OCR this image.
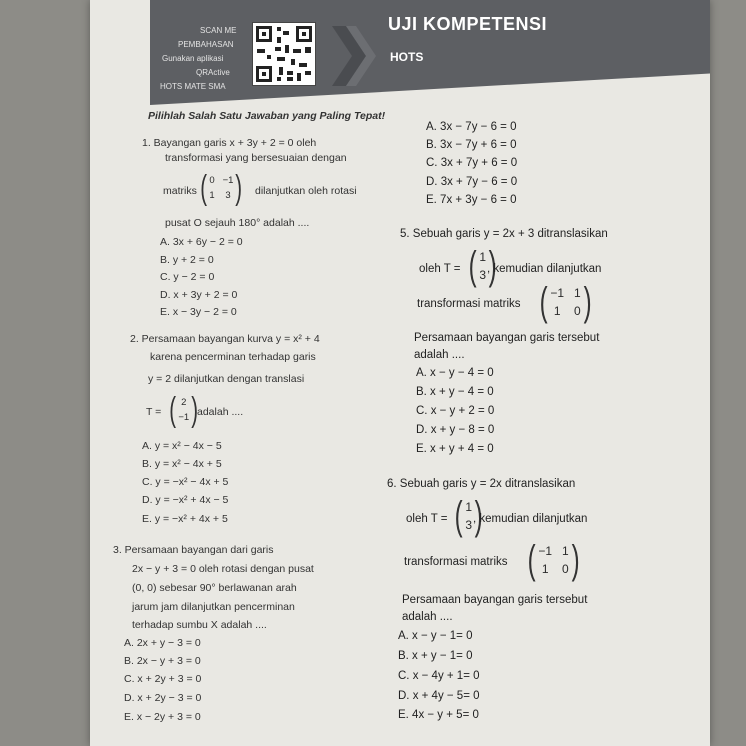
SCAN ME
PEMBAHASAN
Gunakan aplikasi
QRActive
HOTS MATE SMA
UJI KOMPETENSI
HOTS
Pilihlah Salah Satu Jawaban yang Paling Tepat!
1. Bayangan garis x + 3y + 2 = 0 oleh
transformasi yang bersesuaian dengan
matriks ( 0 −1
1 3 ) dilanjutkan oleh rotasi
pusat O sejauh 180° adalah ....
A. 3x + 6y − 2 = 0
B. y + 2 = 0
C. y − 2 = 0
D. x + 3y + 2 = 0
E. x − 3y − 2 = 0
2. Persamaan bayangan kurva y = x² + 4
karena pencerminan terhadap garis
y = 2 dilanjutkan dengan translasi
T = ( 2
−1 )
adalah ....
A. y = x² − 4x − 5
B. y = x² − 4x + 5
C. y = −x² − 4x + 5
D. y = −x² + 4x − 5
E. y = −x² + 4x + 5
3. Persamaan bayangan dari garis
2x − y + 3 = 0 oleh rotasi dengan pusat
(0, 0) sebesar 90° berlawanan arah
jarum jam dilanjutkan pencerminan
terhadap sumbu X adalah ....
A. 2x + y − 3 = 0
B. 2x − y + 3 = 0
C. x + 2y + 3 = 0
D. x + 2y − 3 = 0
E. x − 2y + 3 = 0
A. 3x − 7y − 6 = 0
B. 3x − 7y + 6 = 0
C. 3x + 7y + 6 = 0
D. 3x + 7y − 6 = 0
E. 7x + 3y − 6 = 0
5. Sebuah garis y = 2x + 3 ditranslasikan
oleh T = ( 1
3 )
, kemudian dilanjutkan
transformasi matriks ( −1 1
1 0 )
Persamaan bayangan garis tersebut
adalah ....
A. x − y − 4 = 0
B. x + y − 4 = 0
C. x − y + 2 = 0
D. x + y − 8 = 0
E. x + y + 4 = 0
6. Sebuah garis y = 2x ditranslasikan
oleh T = ( 1
3 )
, kemudian dilanjutkan
transformasi matriks ( −1 1
1 0 )
Persamaan bayangan garis tersebut
adalah ....
A. x − y − 1= 0
B. x + y − 1= 0
C. x − 4y + 1= 0
D. x + 4y − 5= 0
E. 4x − y + 5= 0
